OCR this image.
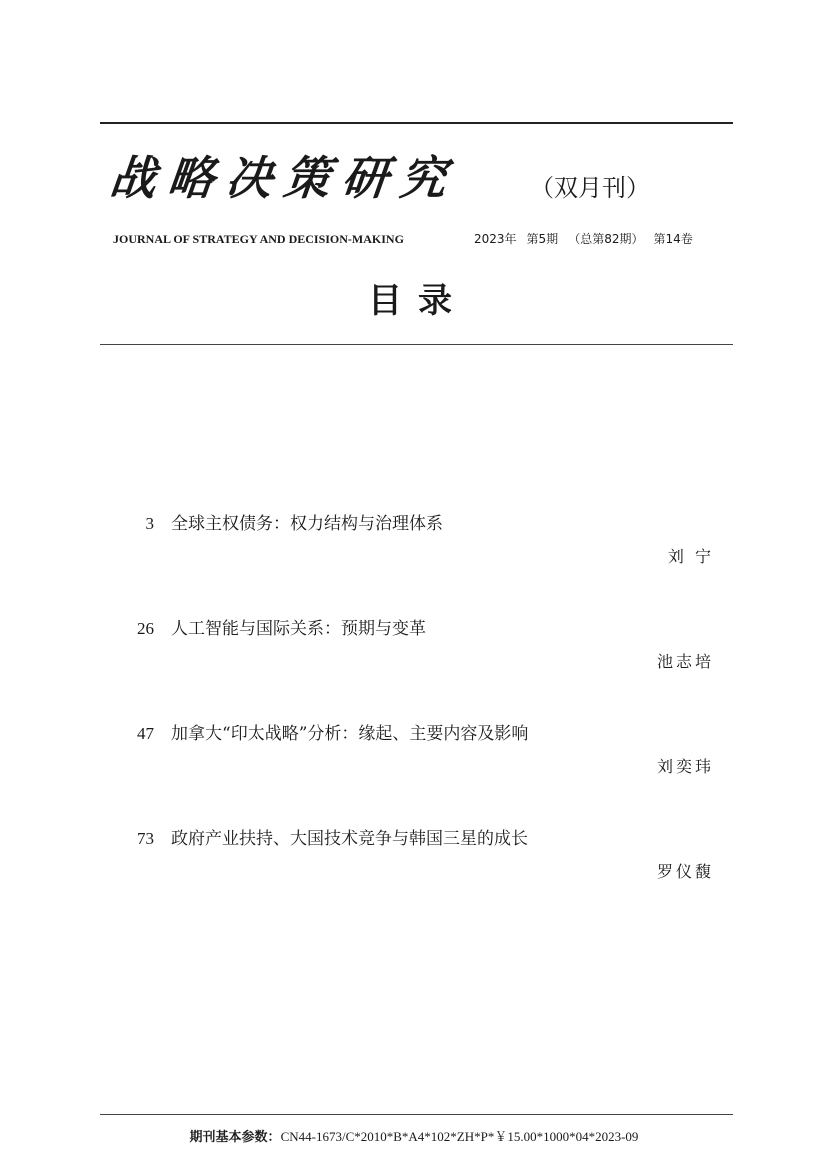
战略决策研究	（双月刊）
JOURNAL OF STRATEGY AND DECISION-MAKING	2023年 第5期 （总第82期） 第14卷
目录
3 全球主权债务：权力结构与治理体系
刘 宁
26 人工智能与国际关系：预期与变革
池志培
47 加拿大“印太战略”分析：缘起、主要内容及影响
刘奕玮
73 政府产业扶持、大国技术竞争与韩国三星的成长
罗仪馥
期刊基本参数：CN44-1673/C*2010*B*A4*102*ZH*P*￥15.00*1000*04*2023-09
